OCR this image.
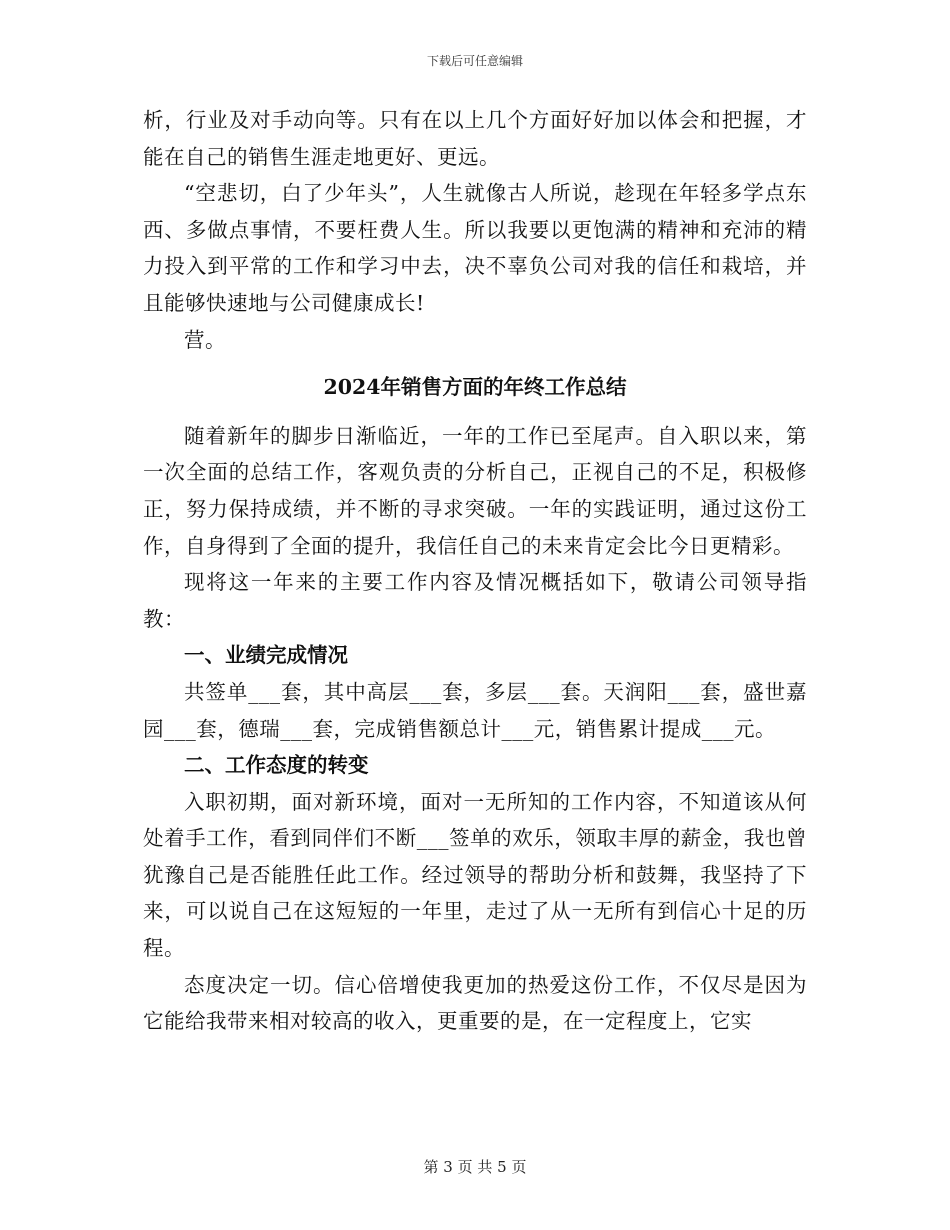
下载后可任意编辑

析，行业及对手动向等。只有在以上几个方面好好加以体会和把握，才能在自己的销售生涯走地更好、更远。

“空悲切，白了少年头”，人生就像古人所说，趁现在年轻多学点东西、多做点事情，不要枉费人生。所以我要以更饱满的精神和充沛的精力投入到平常的工作和学习中去，决不辜负公司对我的信任和栽培，并且能够快速地与公司健康成长!

营。

2024年销售方面的年终工作总结

随着新年的脚步日渐临近，一年的工作已至尾声。自入职以来，第一次全面的总结工作，客观负责的分析自己，正视自己的不足，积极修正，努力保持成绩，并不断的寻求突破。一年的实践证明，通过这份工作，自身得到了全面的提升，我信任自己的未来肯定会比今日更精彩。

现将这一年来的主要工作内容及情况概括如下，敬请公司领导指教：

一、业绩完成情况

共签单___套，其中高层___套，多层___套。天润阳___套，盛世嘉园___套，德瑞___套，完成销售额总计___元，销售累计提成___元。

二、工作态度的转变

入职初期，面对新环境，面对一无所知的工作内容，不知道该从何处着手工作，看到同伴们不断___签单的欢乐，领取丰厚的薪金，我也曾犹豫自己是否能胜任此工作。经过领导的帮助分析和鼓舞，我坚持了下来，可以说自己在这短短的一年里，走过了从一无所有到信心十足的历程。

态度决定一切。信心倍增使我更加的热爱这份工作，不仅尽是因为它能给我带来相对较高的收入，更重要的是，在一定程度上，它实

第 3 页 共 5 页
